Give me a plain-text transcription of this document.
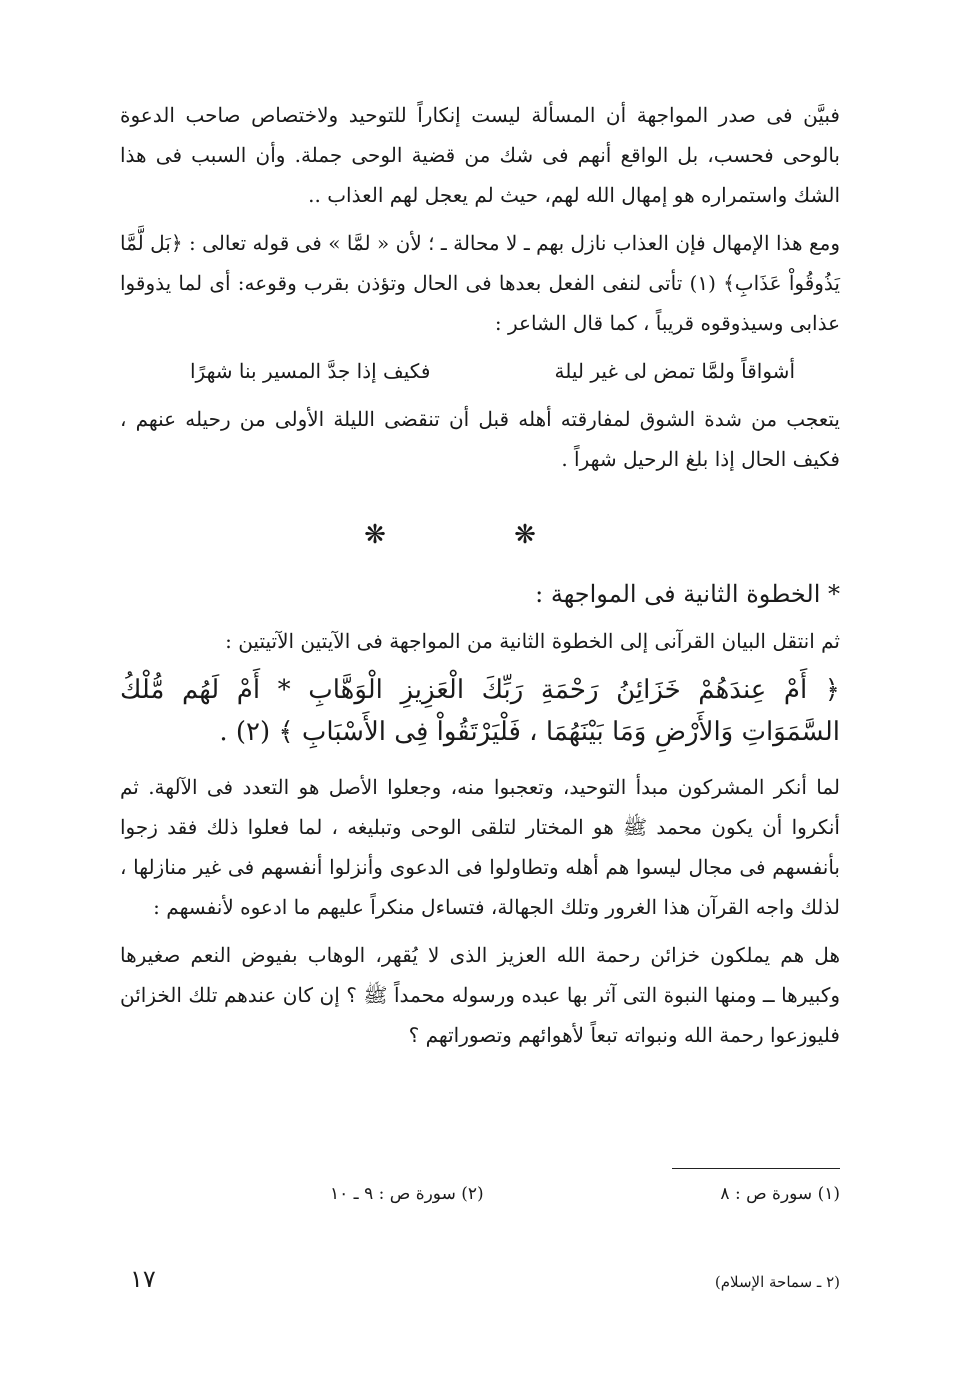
فبيَّن فى صدر المواجهة أن المسألة ليست إنكاراً للتوحيد ولاختصاص صاحب الدعوة بالوحى فحسب، بل الواقع أنهم فى شك من قضية الوحى جملة. وأن السبب فى هذا الشك واستمراره هو إمهال الله لهم، حيث لم يعجل لهم العذاب ..

ومع هذا الإمهال فإن العذاب نازل بهم ـ لا محالة ـ ؛ لأن « لمَّا » فى قوله تعالى : ﴿بَل لَّمَّا يَذُوقُواْ عَذَابِ﴾ (١) تأتى لنفى الفعل بعدها فى الحال وتؤذن بقرب وقوعه: أى لما يذوقوا عذابى وسيذوقوه قريباً ، كما قال الشاعر :

أشواقاً ولمَّا تمض لى غير ليلة
فكيف إذا جدَّ المسير بنا شهرًا

يتعجب من شدة الشوق لمفارقته أهله قبل أن تنقضى الليلة الأولى من رحيله عنهم ، فكيف الحال إذا بلغ الرحيل شهراً .

❋ ❋

* الخطوة الثانية فى المواجهة :

ثم انتقل البيان القرآنى إلى الخطوة الثانية من المواجهة فى الآيتين الآتيتين :

﴿ أَمْ عِندَهُمْ خَزَائِنُ رَحْمَةِ رَبِّكَ الْعَزِيزِ الْوَهَّابِ * أَمْ لَهُم مُّلْكُ السَّمَوَاتِ وَالأَرْضِ وَمَا بَيْنَهُمَا ، فَلْيَرْتَقُواْ فِى الأَسْبَابِ ﴾ (٢) .

لما أنكر المشركون مبدأ التوحيد، وتعجبوا منه، وجعلوا الأصل هو التعدد فى الآلهة. ثم أنكروا أن يكون محمد ﷺ هو المختار لتلقى الوحى وتبليغه ، لما فعلوا ذلك فقد زجوا بأنفسهم فى مجال ليسوا هم أهله وتطاولوا فى الدعوى وأنزلوا أنفسهم فى غير منازلها ، لذلك واجه القرآن هذا الغرور وتلك الجهالة، فتساءل منكراً عليهم ما ادعوه لأنفسهم :

هل هم يملكون خزائن رحمة الله العزيز الذى لا يُقهر، الوهاب بفيوض النعم صغيرها وكبيرها ــ ومنها النبوة التى آثر بها عبده ورسوله محمداً ﷺ ؟ إن كان عندهم تلك الخزائن فليوزعوا رحمة الله ونبواته تبعاً لأهوائهم وتصوراتهم ؟

(١) سورة ص : ٨
(٢) سورة ص : ٩ ـ ١٠
(٢ ـ سماحة الإسلام)
١٧
